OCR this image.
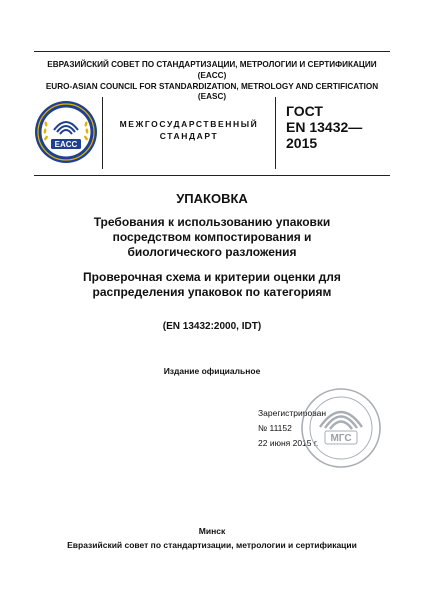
ЕВРАЗИЙСКИЙ СОВЕТ ПО СТАНДАРТИЗАЦИИ, МЕТРОЛОГИИ И СЕРТИФИКАЦИИ
(EACC)
EURO-ASIAN COUNCIL FOR STANDARDIZATION, METROLOGY AND CERTIFICATION
(EASC)
EACC
МЕЖГОСУДАРСТВЕННЫЙ
СТАНДАРТ
ГОСТ
EN 13432—
2015
УПАКОВКА
Требования к использованию упаковки
посредством компостирования и
биологического разложения
Проверочная схема и критерии оценки для
распределения упаковок по категориям
(EN 13432:2000, IDT)
Издание официальное
Зарегистрирован
№ 11152
22 июня 2015 г.	МГС
Минск
Евразийский совет по стандартизации, метрологии и сертификации
